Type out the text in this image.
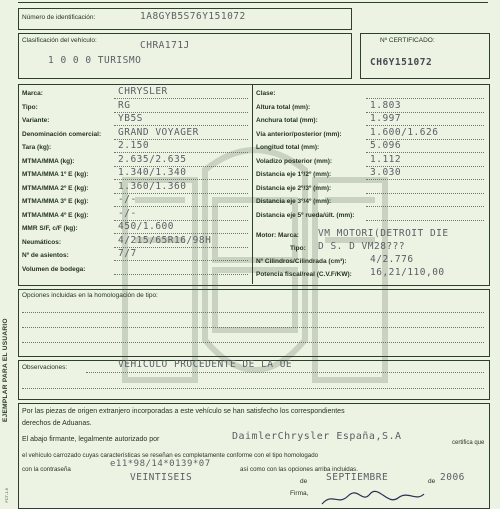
EJEMPLAR PARA EL USUARIO
FCT-1-6
Número de identificación:	1A8GYB5S76Y151072
Clasificación del vehículo:	CHRA171J
1 0 0 0 TURISMO
Nº CERTIFICADO:
CH6Y151072
Motor: Marca: VM MOTORI(DETROIT DIE
Tipo: D S. D VM28???
Nº Cilindros/Cilindrada (cm³): 4/2.776
Potencia fiscal/real (C.V.F/KW): 16,21/110,00
Opciones incluidas en la homologación de tipo:
Observaciones:	VEHICULO PROCEDENTE DE LA UE
Por las piezas de origen extranjero incorporadas a este vehículo se han satisfecho los correspondientes
derechos de Aduanas.
El abajo firmante, legalmente autorizado por	DaimlerChrysler España,S.A
certifica que
el vehículo carrozado cuyas características se reseñan es completamente conforme con el tipo homologado
con la contraseña
e11*98/14*0139*07
así como con las opciones arriba incluidas.
VEINTISEIS	de SEPTIEMBRE	de 2006
Firma,
Marca:	CHRYSLER
Tipo:	RG
Variante:	YB5S
Denominación comercial: GRAND VOYAGER
Tara (kg):	2.150
MTMA/MMA (kg):	2.635/2.635
MTMA/MMA 1º E (kg):	1.340/1.340
MTMA/MMA 2º E (kg):	1.360/1.360
MTMA/MMA 3º E (kg):	-/-
MTMA/MMA 4º E (kg):	-/-
MMR S/F, c/F (kg):	450/1.600
Neumáticos:	4/215/65R16/98H
Nº de asientos:	7/7
Volumen de bodega:
Clase:
Altura total (mm):	1.803
Anchura total (mm):	1.997
Vía anterior/posterior (mm):	1.600/1.626
Longitud total (mm):	5.096
Voladizo posterior (mm):	1.112
Distancia eje 1º/2º (mm):	3.030
Distancia eje 2º/3º (mm):
Distancia eje 3º/4º (mm):
Distancia eje 5º rueda/últ. (mm):
